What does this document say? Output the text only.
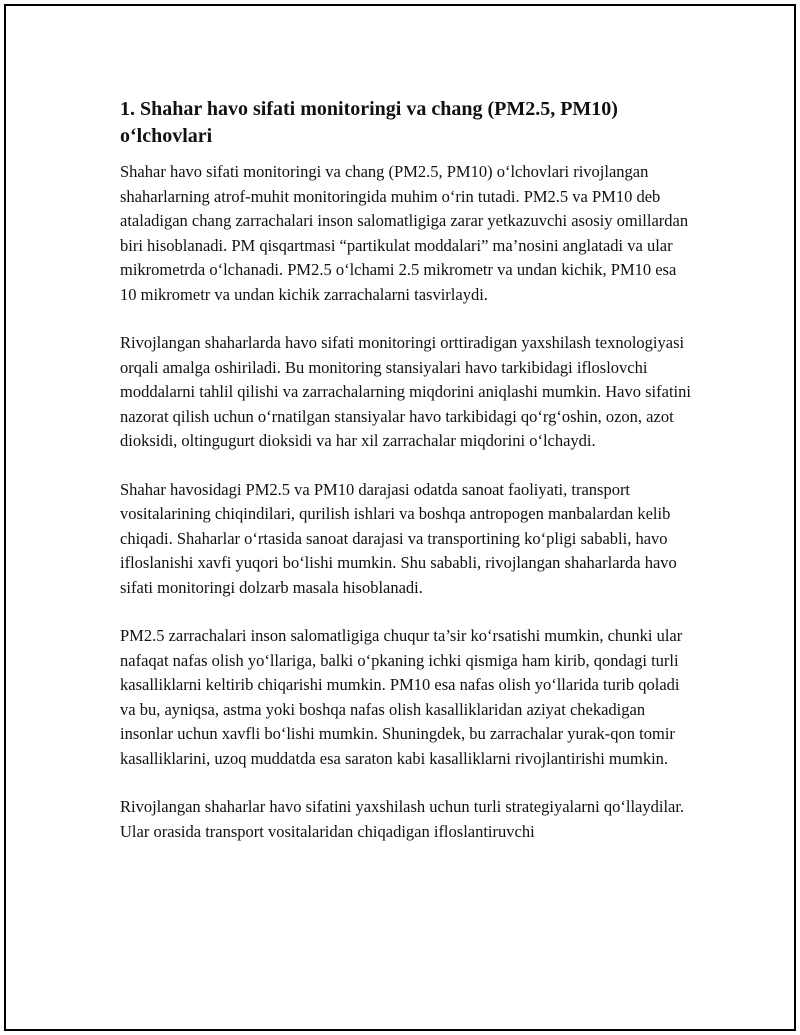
1. Shahar havo sifati monitoringi va chang (PM2.5, PM10) o‘lchovlari

Shahar havo sifati monitoringi va chang (PM2.5, PM10) o‘lchovlari rivojlangan shaharlarning atrof-muhit monitoringida muhim o‘rin tutadi. PM2.5 va PM10 deb ataladigan chang zarrachalari inson salomatligiga zarar yetkazuvchi asosiy omillardan biri hisoblanadi. PM qisqartmasi “partikulat moddalari” ma’nosini anglatadi va ular mikrometrda o‘lchanadi. PM2.5 o‘lchami 2.5 mikrometr va undan kichik, PM10 esa 10 mikrometr va undan kichik zarrachalarni tasvirlaydi.

Rivojlangan shaharlarda havo sifati monitoringi orttiradigan yaxshilash texnologiyasi orqali amalga oshiriladi. Bu monitoring stansiyalari havo tarkibidagi ifloslovchi moddalarni tahlil qilishi va zarrachalarning miqdorini aniqlashi mumkin. Havo sifatini nazorat qilish uchun o‘rnatilgan stansiyalar havo tarkibidagi qo‘rg‘oshin, ozon, azot dioksidi, oltingugurt dioksidi va har xil zarrachalar miqdorini o‘lchaydi.

Shahar havosidagi PM2.5 va PM10 darajasi odatda sanoat faoliyati, transport vositalarining chiqindilari, qurilish ishlari va boshqa antropogen manbalardan kelib chiqadi. Shaharlar o‘rtasida sanoat darajasi va transportining ko‘pligi sababli, havo ifloslanishi xavfi yuqori bo‘lishi mumkin. Shu sababli, rivojlangan shaharlarda havo sifati monitoringi dolzarb masala hisoblanadi.

PM2.5 zarrachalari inson salomatligiga chuqur ta’sir ko‘rsatishi mumkin, chunki ular nafaqat nafas olish yo‘llariga, balki o‘pkaning ichki qismiga ham kirib, qondagi turli kasalliklarni keltirib chiqarishi mumkin. PM10 esa nafas olish yo‘llarida turib qoladi va bu, ayniqsa, astma yoki boshqa nafas olish kasalliklaridan aziyat chekadigan insonlar uchun xavfli bo‘lishi mumkin. Shuningdek, bu zarrachalar yurak-qon tomir kasalliklarini, uzoq muddatda esa saraton kabi kasalliklarni rivojlantirishi mumkin.

Rivojlangan shaharlar havo sifatini yaxshilash uchun turli strategiyalarni qo‘llaydilar. Ular orasida transport vositalaridan chiqadigan ifloslantiruvchi
